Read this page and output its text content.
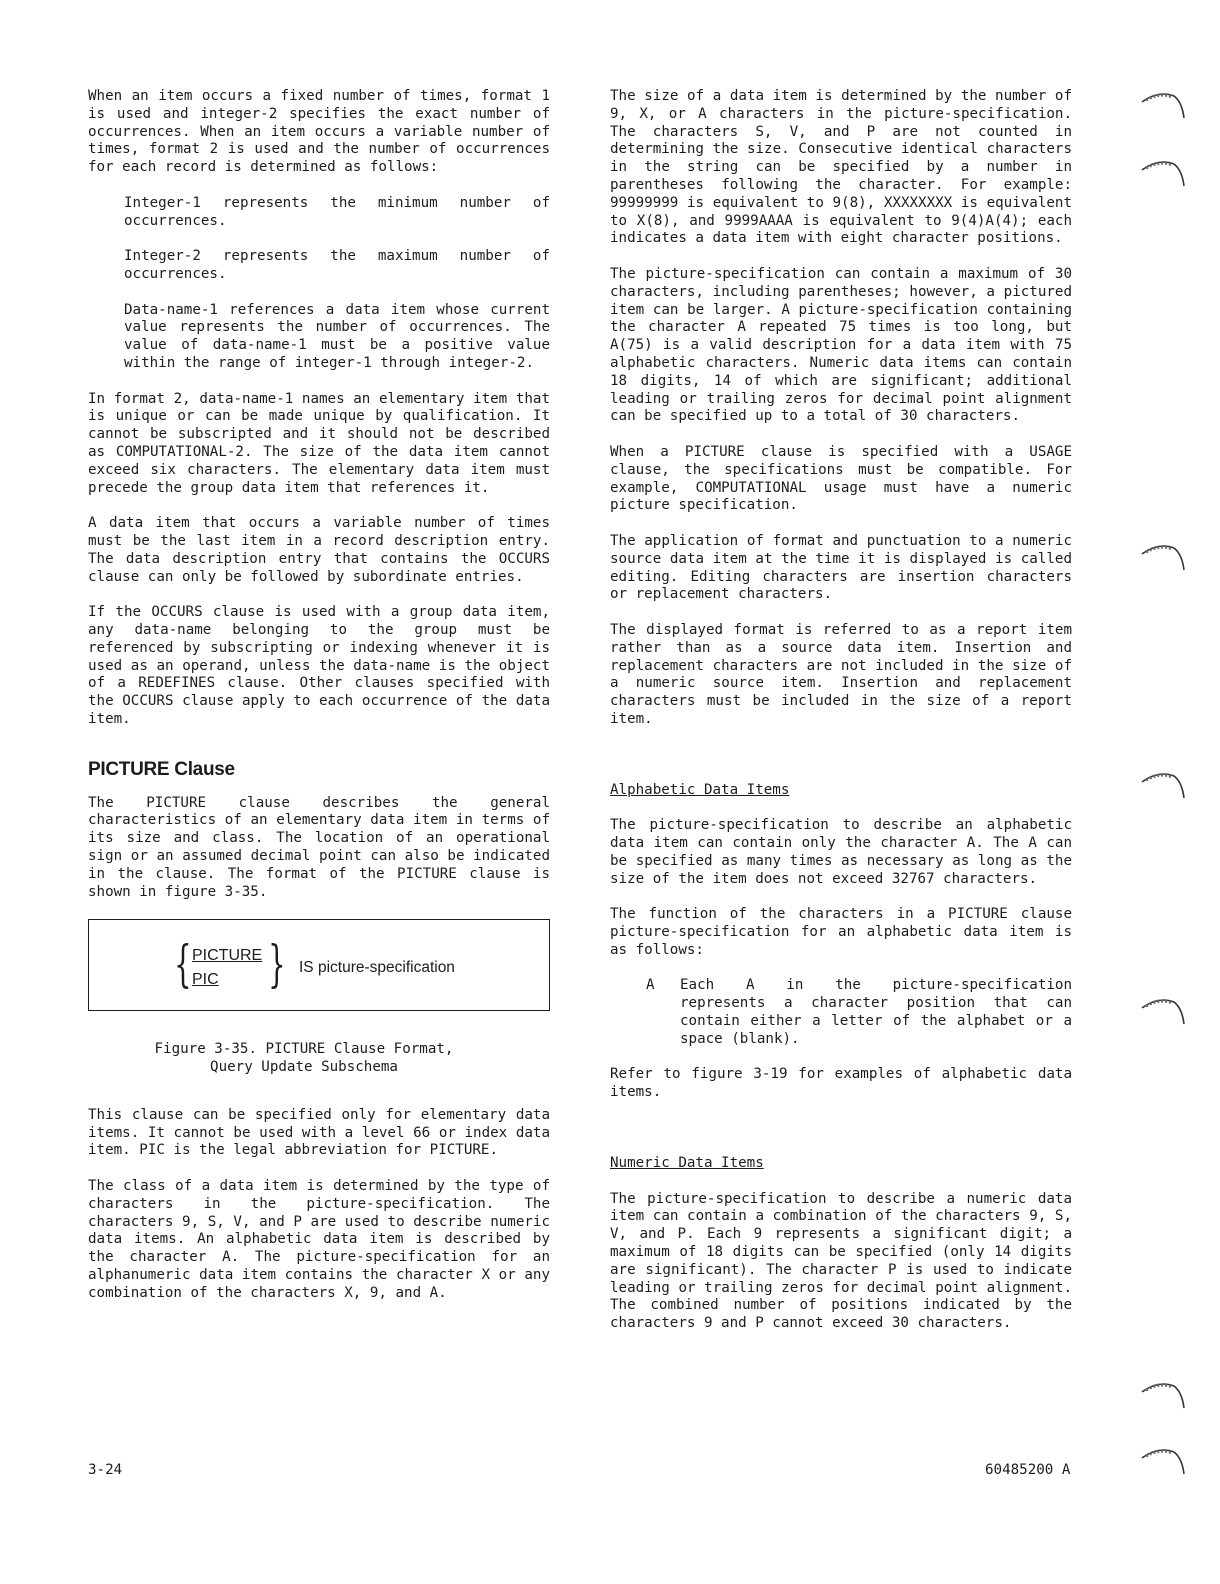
When an item occurs a fixed number of times, format 1 is used and integer-2 specifies the exact number of occurrences. When an item occurs a variable number of times, format 2 is used and the number of occurrences for each record is determined as follows:

Integer-1 represents the minimum number of occurrences.

Integer-2 represents the maximum number of occurrences.

Data-name-1 references a data item whose current value represents the number of occurrences. The value of data-name-1 must be a positive value within the range of integer-1 through integer-2.

In format 2, data-name-1 names an elementary item that is unique or can be made unique by qualification. It cannot be subscripted and it should not be described as COMPUTATIONAL-2. The size of the data item cannot exceed six characters. The elementary data item must precede the group data item that references it.

A data item that occurs a variable number of times must be the last item in a record description entry. The data description entry that contains the OCCURS clause can only be followed by subordinate entries.

If the OCCURS clause is used with a group data item, any data-name belonging to the group must be referenced by subscripting or indexing whenever it is used as an operand, unless the data-name is the object of a REDEFINES clause. Other clauses specified with the OCCURS clause apply to each occurrence of the data item.

PICTURE Clause

The PICTURE clause describes the general characteristics of an elementary data item in terms of its size and class. The location of an operational sign or an assumed decimal point can also be indicated in the clause. The format of the PICTURE clause is shown in figure 3-35.

{ PICTURE
PIC } IS picture-specification
Figure 3-35. PICTURE Clause Format,
Query Update Subschema

This clause can be specified only for elementary data items. It cannot be used with a level 66 or index data item. PIC is the legal abbreviation for PICTURE.

The class of a data item is determined by the type of characters in the picture-specification. The characters 9, S, V, and P are used to describe numeric data items. An alphabetic data item is described by the character A. The picture-specification for an alphanumeric data item contains the character X or any combination of the characters X, 9, and A.

The size of a data item is determined by the number of 9, X, or A characters in the picture-specification. The characters S, V, and P are not counted in determining the size. Consecutive identical characters in the string can be specified by a number in parentheses following the character. For example: 99999999 is equivalent to 9(8), XXXXXXXX is equivalent to X(8), and 9999AAAA is equivalent to 9(4)A(4); each indicates a data item with eight character positions.

The picture-specification can contain a maximum of 30 characters, including parentheses; however, a pictured item can be larger. A picture-specification containing the character A repeated 75 times is too long, but A(75) is a valid description for a data item with 75 alphabetic characters. Numeric data items can contain 18 digits, 14 of which are significant; additional leading or trailing zeros for decimal point alignment can be specified up to a total of 30 characters.

When a PICTURE clause is specified with a USAGE clause, the specifications must be compatible. For example, COMPUTATIONAL usage must have a numeric picture specification.

The application of format and punctuation to a numeric source data item at the time it is displayed is called editing. Editing characters are insertion characters or replacement characters.

The displayed format is referred to as a report item rather than as a source data item. Insertion and replacement characters are not included in the size of a numeric source item. Insertion and replacement characters must be included in the size of a report item.

Alphabetic Data Items

The picture-specification to describe an alphabetic data item can contain only the character A. The A can be specified as many times as necessary as long as the size of the item does not exceed 32767 characters.

The function of the characters in a PICTURE clause picture-specification for an alphabetic data item is as follows:

A	Each A in the picture-specification represents a character position that can contain either a letter of the alphabet or a space (blank).

Refer to figure 3-19 for examples of alphabetic data items.

Numeric Data Items

The picture-specification to describe a numeric data item can contain a combination of the characters 9, S, V, and P. Each 9 represents a significant digit; a maximum of 18 digits can be specified (only 14 digits are significant). The character P is used to indicate leading or trailing zeros for decimal point alignment. The combined number of positions indicated by the characters 9 and P cannot exceed 30 characters.

3-24	60485200 A
